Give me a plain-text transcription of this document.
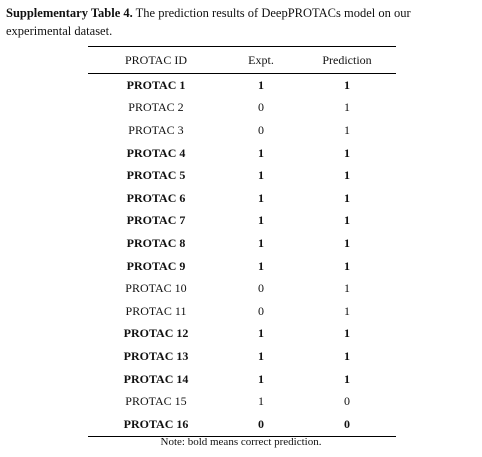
Supplementary Table 4. The prediction results of DeepPROTACs model on our experimental dataset.
PROTAC ID	Expt.	Prediction
PROTAC 1	1	1
PROTAC 2	0	1
PROTAC 3	0	1
PROTAC 4	1	1
PROTAC 5	1	1
PROTAC 6	1	1
PROTAC 7	1	1
PROTAC 8	1	1
PROTAC 9	1	1
PROTAC 10	0	1
PROTAC 11	0	1
PROTAC 12	1	1
PROTAC 13	1	1
PROTAC 14	1	1
PROTAC 15	1	0
PROTAC 16	0	0
Note: bold means correct prediction.
